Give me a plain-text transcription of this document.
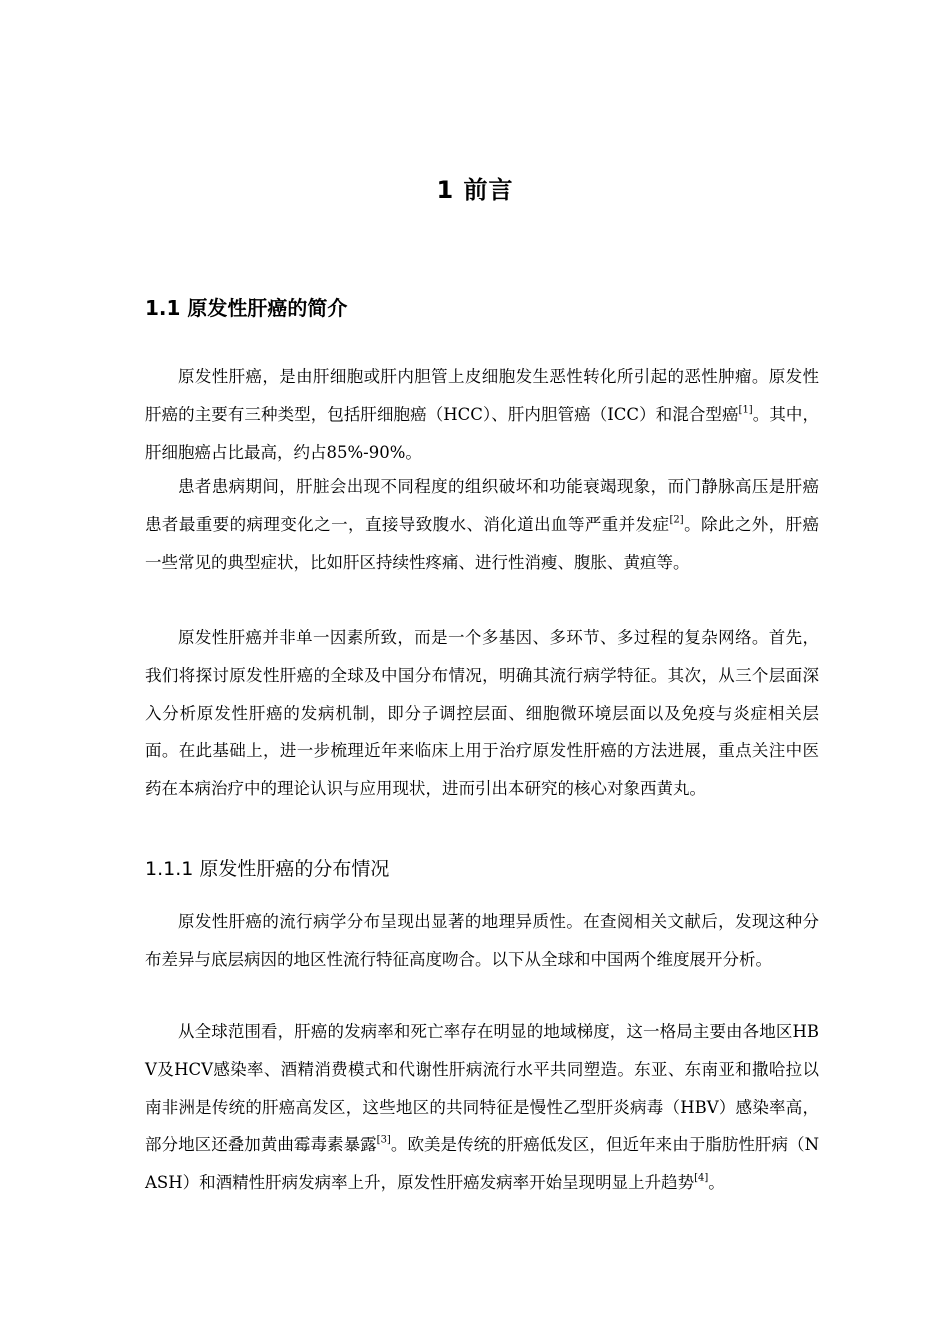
1 前言
1.1 原发性肝癌的简介

原发性肝癌，是由肝细胞或肝内胆管上皮细胞发生恶性转化所引起的恶性肿瘤。原发性肝癌的主要有三种类型，包括肝细胞癌（HCC）、肝内胆管癌（ICC）和混合型癌[1]。其中，肝细胞癌占比最高，约占85%-90%。

患者患病期间，肝脏会出现不同程度的组织破坏和功能衰竭现象，而门静脉高压是肝癌患者最重要的病理变化之一，直接导致腹水、消化道出血等严重并发症[2]。除此之外，肝癌一些常见的典型症状，比如肝区持续性疼痛、进行性消瘦、腹胀、黄疸等。

原发性肝癌并非单一因素所致，而是一个多基因、多环节、多过程的复杂网络。首先，我们将探讨原发性肝癌的全球及中国分布情况，明确其流行病学特征。其次，从三个层面深入分析原发性肝癌的发病机制，即分子调控层面、细胞微环境层面以及免疫与炎症相关层面。在此基础上，进一步梳理近年来临床上用于治疗原发性肝癌的方法进展，重点关注中医药在本病治疗中的理论认识与应用现状，进而引出本研究的核心对象西黄丸。

1.1.1 原发性肝癌的分布情况

原发性肝癌的流行病学分布呈现出显著的地理异质性。在查阅相关文献后，发现这种分布差异与底层病因的地区性流行特征高度吻合。以下从全球和中国两个维度展开分析。

从全球范围看，肝癌的发病率和死亡率存在明显的地域梯度，这一格局主要由各地区HBV及HCV感染率、酒精消费模式和代谢性肝病流行水平共同塑造。东亚、东南亚和撒哈拉以南非洲是传统的肝癌高发区，这些地区的共同特征是慢性乙型肝炎病毒（HBV）感染率高，部分地区还叠加黄曲霉毒素暴露[3]。欧美是传统的肝癌低发区，但近年来由于脂肪性肝病（NASH）和酒精性肝病发病率上升，原发性肝癌发病率开始呈现明显上升趋势[4]。
